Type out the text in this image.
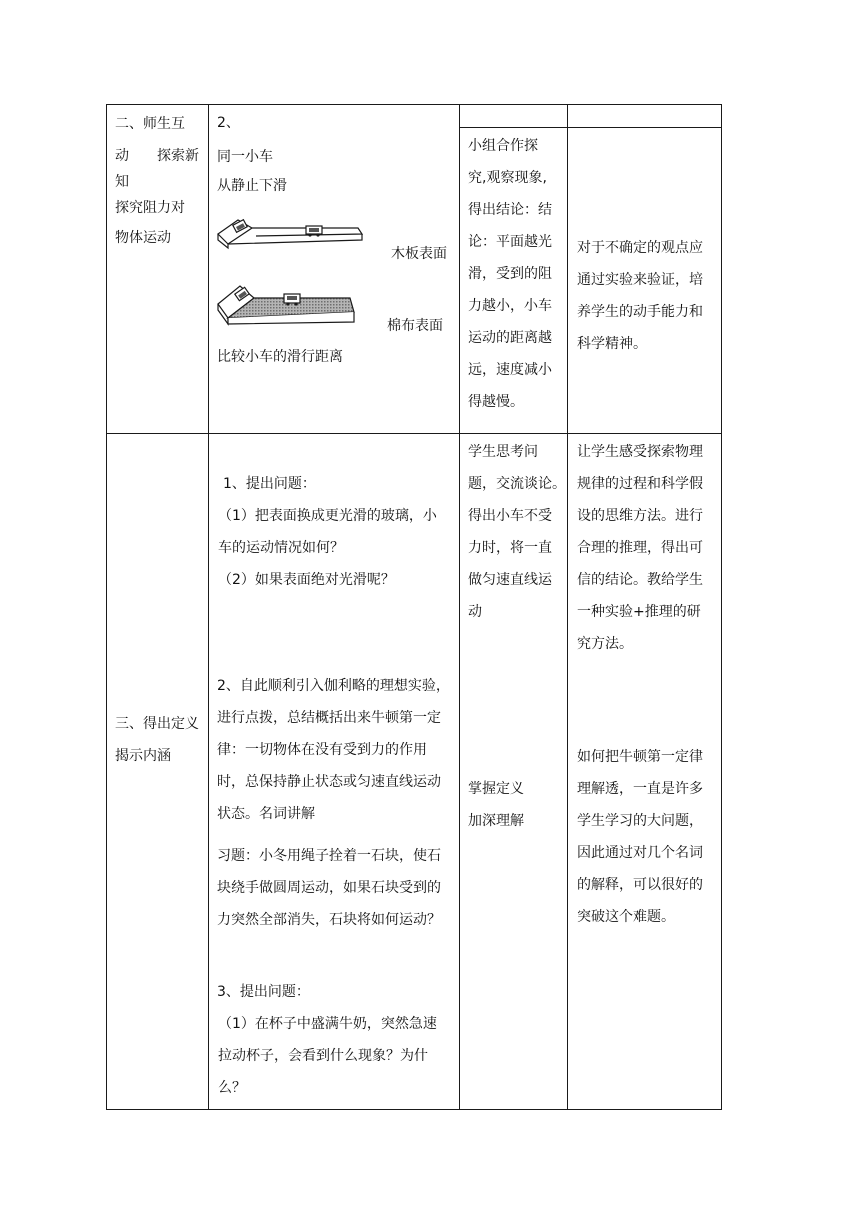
二、师生互
动　　探索新
知
探究阻力对
物体运动
2、
同一小车
从静止下滑
木板表面
棉布表面
比较小车的滑行距离
小组合作探
究,观察现象,
得出结论：结
论：平面越光
滑，受到的阻
力越小，小车
运动的距离越
远，速度减小
得越慢。
对于不确定的观点应
通过实验来验证，培
养学生的动手能力和
科学精神。
三、得出定义
揭示内涵
1、提出问题：
（1）把表面换成更光滑的玻璃，小
车的运动情况如何？
（2）如果表面绝对光滑呢？
2、自此顺利引入伽利略的理想实验，
进行点拨，总结概括出来牛顿第一定
律：一切物体在没有受到力的作用
时，总保持静止状态或匀速直线运动
状态。名词讲解
习题：小冬用绳子拴着一石块，使石
块绕手做圆周运动，如果石块受到的
力突然全部消失，石块将如何运动？
3、提出问题：
（1）在杯子中盛满牛奶，突然急速
拉动杯子，会看到什么现象？为什
么？
学生思考问
题，交流谈论。
得出小车不受
力时，将一直
做匀速直线运
动
掌握定义
加深理解
让学生感受探索物理
规律的过程和科学假
设的思维方法。进行
合理的推理，得出可
信的结论。教给学生
一种实验+推理的研
究方法。
如何把牛顿第一定律
理解透，一直是许多
学生学习的大问题，
因此通过对几个名词
的解释，可以很好的
突破这个难题。
